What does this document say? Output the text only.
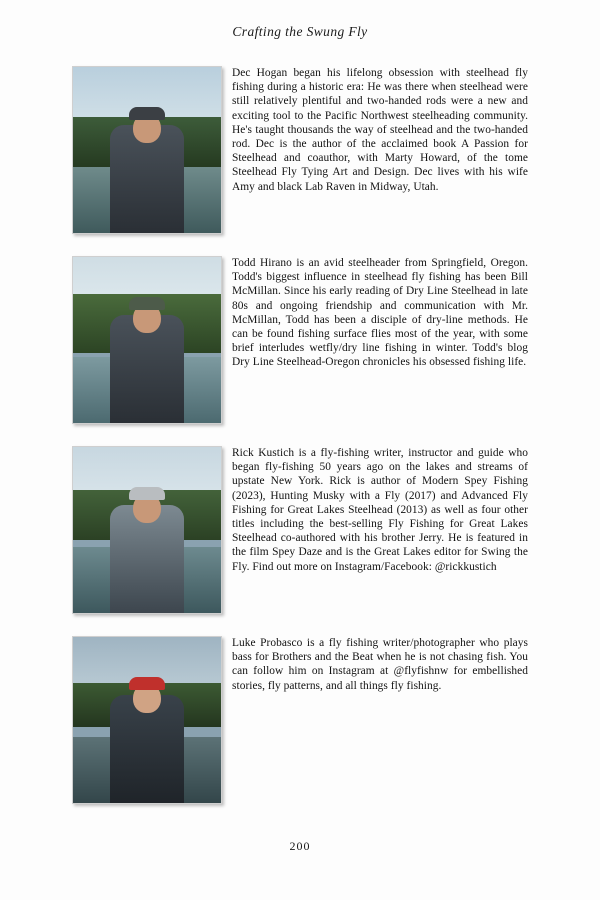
Crafting the Swung Fly
Dec Hogan began his lifelong obsession with steelhead fly fishing during a historic era: He was there when steelhead were still relatively plentiful and two-handed rods were a new and exciting tool to the Pacific Northwest steelheading community. He's taught thousands the way of steelhead and the two-handed rod. Dec is the author of the acclaimed book A Passion for Steelhead and coauthor, with Marty Howard, of the tome Steelhead Fly Tying Art and Design. Dec lives with his wife Amy and black Lab Raven in Midway, Utah.
Todd Hirano is an avid steelheader from Springfield, Oregon. Todd's biggest influence in steelhead fly fishing has been Bill McMillan. Since his early reading of Dry Line Steelhead in late 80s and ongoing friendship and communication with Mr. McMillan, Todd has been a disciple of dry-line methods. He can be found fishing surface flies most of the year, with some brief interludes wetfly/dry line fishing in winter. Todd's blog Dry Line Steelhead-Oregon chronicles his obsessed fishing life.
Rick Kustich is a fly-fishing writer, instructor and guide who began fly-fishing 50 years ago on the lakes and streams of upstate New York. Rick is author of Modern Spey Fishing (2023), Hunting Musky with a Fly (2017) and Advanced Fly Fishing for Great Lakes Steelhead (2013) as well as four other titles including the best-selling Fly Fishing for Great Lakes Steelhead co-authored with his brother Jerry. He is featured in the film Spey Daze and is the Great Lakes editor for Swing the Fly. Find out more on Instagram/Facebook: @rickkustich
Luke Probasco is a fly fishing writer/photographer who plays bass for Brothers and the Beat when he is not chasing fish. You can follow him on Instagram at @flyfishnw for embellished stories, fly patterns, and all things fly fishing.
200
